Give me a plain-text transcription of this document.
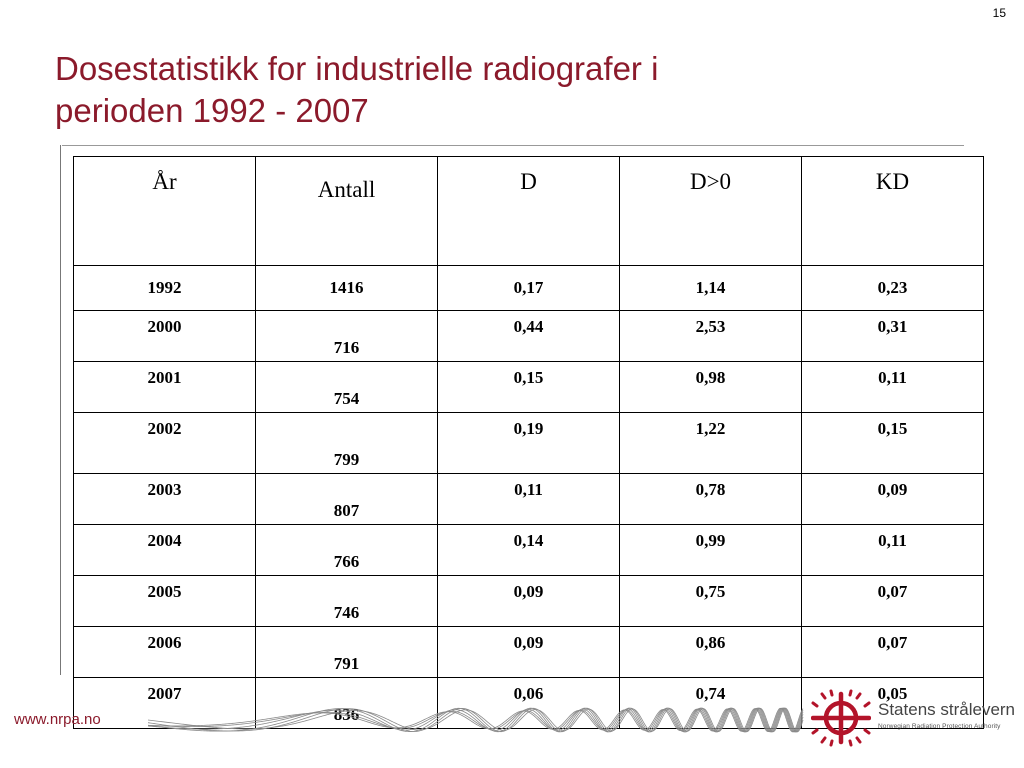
15
Dosestatistikk for industrielle radiografer i
perioden 1992 - 2007
År	Antall	D	D>0	KD
1992	1416	0,17	1,14	0,23
2000	716	0,44	2,53	0,31
2001	754	0,15	0,98	0,11
2002	799	0,19	1,22	0,15
2003	807	0,11	0,78	0,09
2004	766	0,14	0,99	0,11
2005	746	0,09	0,75	0,07
2006	791	0,09	0,86	0,07
2007	836	0,06	0,74	0,05
www.nrpa.no
Statens strålevern
Norwegian Radiation Protection Authority
